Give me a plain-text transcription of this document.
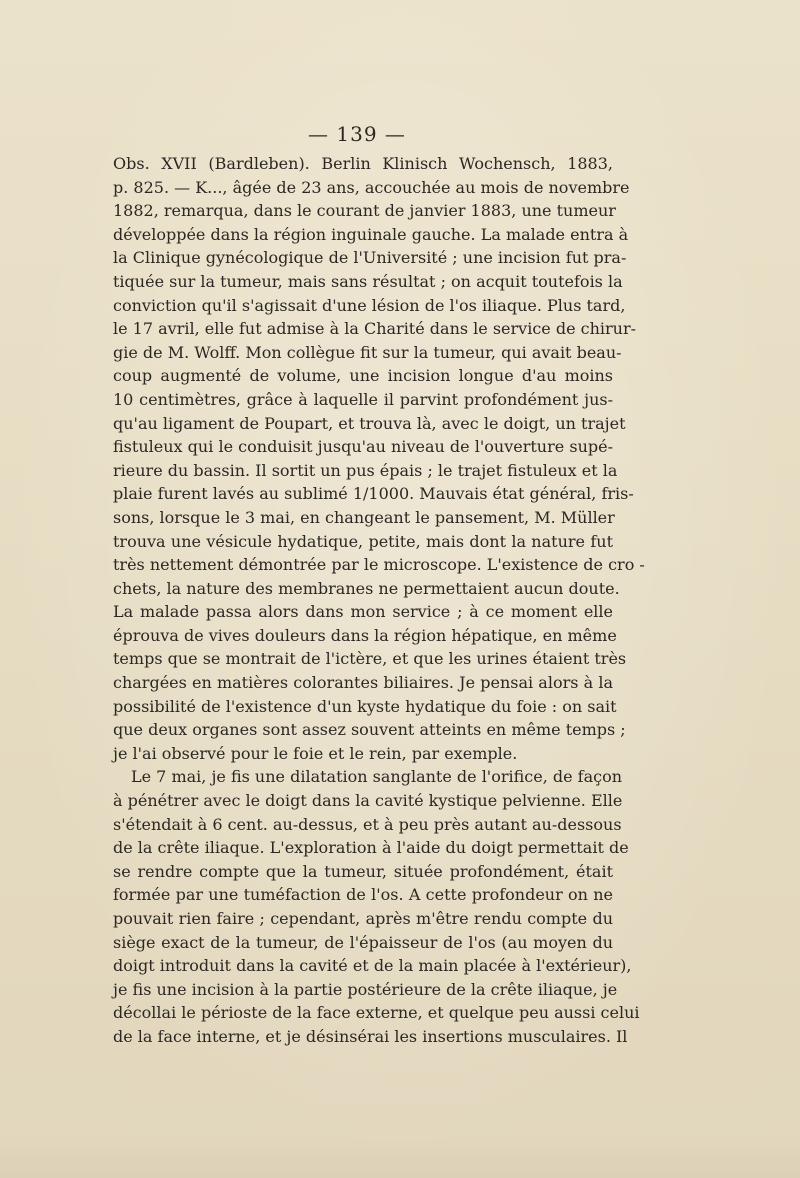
— 139 —
Obs. XVII (Bardleben). Berlin Klinisch Wochensch, 1883,
p. 825. — K..., âgée de 23 ans, accouchée au mois de novembre
1882, remarqua, dans le courant de janvier 1883, une tumeur
développée dans la région inguinale gauche. La malade entra à
la Clinique gynécologique de l'Université ; une incision fut pra-
tiquée sur la tumeur, mais sans résultat ; on acquit toutefois la
conviction qu'il s'agissait d'une lésion de l'os iliaque. Plus tard,
le 17 avril, elle fut admise à la Charité dans le service de chirur-
gie de M. Wolff. Mon collègue fit sur la tumeur, qui avait beau-
coup augmenté de volume, une incision longue d'au moins
10 centimètres, grâce à laquelle il parvint profondément jus-
qu'au ligament de Poupart, et trouva là, avec le doigt, un trajet
fistuleux qui le conduisit jusqu'au niveau de l'ouverture supé-
rieure du bassin. Il sortit un pus épais ; le trajet fistuleux et la
plaie furent lavés au sublimé 1/1000. Mauvais état général, fris-
sons, lorsque le 3 mai, en changeant le pansement, M. Müller
trouva une vésicule hydatique, petite, mais dont la nature fut
très nettement démontrée par le microscope. L'existence de cro -
chets, la nature des membranes ne permettaient aucun doute.
La malade passa alors dans mon service ; à ce moment elle
éprouva de vives douleurs dans la région hépatique, en même
temps que se montrait de l'ictère, et que les urines étaient très
chargées en matières colorantes biliaires. Je pensai alors à la
possibilité de l'existence d'un kyste hydatique du foie : on sait
que deux organes sont assez souvent atteints en même temps ;
je l'ai observé pour le foie et le rein, par exemple.
Le 7 mai, je fis une dilatation sanglante de l'orifice, de façon
à pénétrer avec le doigt dans la cavité kystique pelvienne. Elle
s'étendait à 6 cent. au-dessus, et à peu près autant au-dessous
de la crête iliaque. L'exploration à l'aide du doigt permettait de
se rendre compte que la tumeur, située profondément, était
formée par une tuméfaction de l'os. A cette profondeur on ne
pouvait rien faire ; cependant, après m'être rendu compte du
siège exact de la tumeur, de l'épaisseur de l'os (au moyen du
doigt introduit dans la cavité et de la main placée à l'extérieur),
je fis une incision à la partie postérieure de la crête iliaque, je
décollai le périoste de la face externe, et quelque peu aussi celui
de la face interne, et je désinsérai les insertions musculaires. Il
